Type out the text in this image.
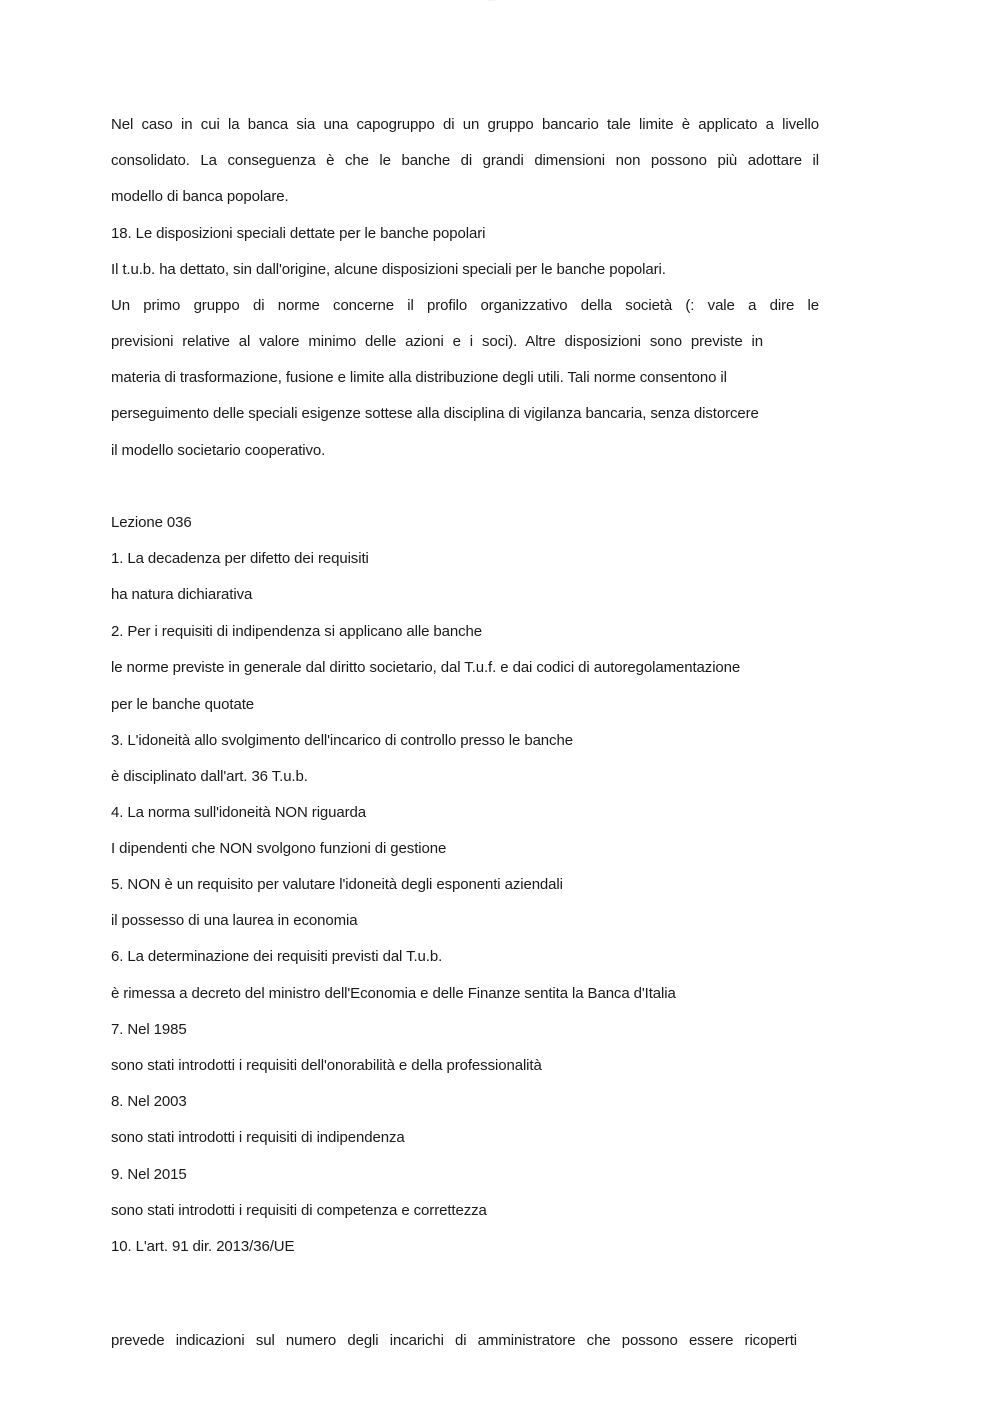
— — —
Nel caso in cui la banca sia una capogruppo di un gruppo bancario tale limite è applicato a livello
consolidato. La conseguenza è che le banche di grandi dimensioni non possono più adottare il
modello di banca popolare.
18. Le disposizioni speciali dettate per le banche popolari
Il t.u.b. ha dettato, sin dall'origine, alcune disposizioni speciali per le banche popolari.
Un primo gruppo di norme concerne il profilo organizzativo della società (: vale a dire le
previsioni relative al valore minimo delle azioni e i soci). Altre disposizioni sono previste in
materia di trasformazione, fusione e limite alla distribuzione degli utili. Tali norme consentono il
perseguimento delle speciali esigenze sottese alla disciplina di vigilanza bancaria, senza distorcere
il modello societario cooperativo.
Lezione 036
1. La decadenza per difetto dei requisiti
ha natura dichiarativa
2. Per i requisiti di indipendenza si applicano alle banche
le norme previste in generale dal diritto societario, dal T.u.f. e dai codici di autoregolamentazione
per le banche quotate
3. L'idoneità allo svolgimento dell'incarico di controllo presso le banche
è disciplinato dall'art. 36 T.u.b.
4. La norma sull'idoneità NON riguarda
I dipendenti che NON svolgono funzioni di gestione
5. NON è un requisito per valutare l'idoneità degli esponenti aziendali
il possesso di una laurea in economia
6. La determinazione dei requisiti previsti dal T.u.b.
è rimessa a decreto del ministro dell'Economia e delle Finanze sentita la Banca d'Italia
7. Nel 1985
sono stati introdotti i requisiti dell'onorabilità e della professionalità
8. Nel 2003
sono stati introdotti i requisiti di indipendenza
9. Nel 2015
sono stati introdotti i requisiti di competenza e correttezza
10. L'art. 91 dir. 2013/36/UE
prevede indicazioni sul numero degli incarichi di amministratore che possono essere ricoperti
